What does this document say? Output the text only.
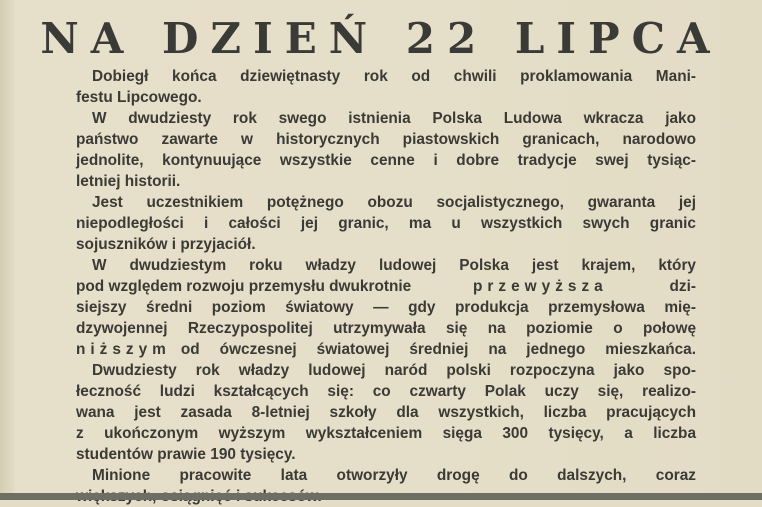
NA DZIEŃ 22 LIPCA
Dobiegł końca dziewiętnasty rok od chwili proklamowania Mani-
festu Lipcowego.
W dwudziesty rok swego istnienia Polska Ludowa wkracza jako
państwo zawarte w historycznych piastowskich granicach, narodowo
jednolite, kontynuujące wszystkie cenne i dobre tradycje swej tysiąc-
letniej historii.
Jest uczestnikiem potężnego obozu socjalistycznego, gwaranta jej
niepodległości i całości jej granic, ma u wszystkich swych granic
sojuszników i przyjaciół.
W dwudziestym roku władzy ludowej Polska jest krajem, który
pod względem rozwoju przemysłu dwukrotnie	przewyższa	dzi-
siejszy średni poziom światowy — gdy produkcja przemysłowa mię-
dzywojennej Rzeczypospolitej utrzymywała się na poziomie o połowę
niższym od ówczesnej światowej średniej na jednego mieszkańca.
Dwudziesty rok władzy ludowej naród polski rozpoczyna jako spo-
łeczność ludzi kształcących się: co czwarty Polak uczy się, realizo-
wana jest zasada 8-letniej szkoły dla wszystkich, liczba pracujących
z ukończonym wyższym wykształceniem sięga 300 tysięcy, a liczba
studentów prawie 190 tysięcy.
Minione pracowite lata otworzyły drogę do dalszych, coraz
